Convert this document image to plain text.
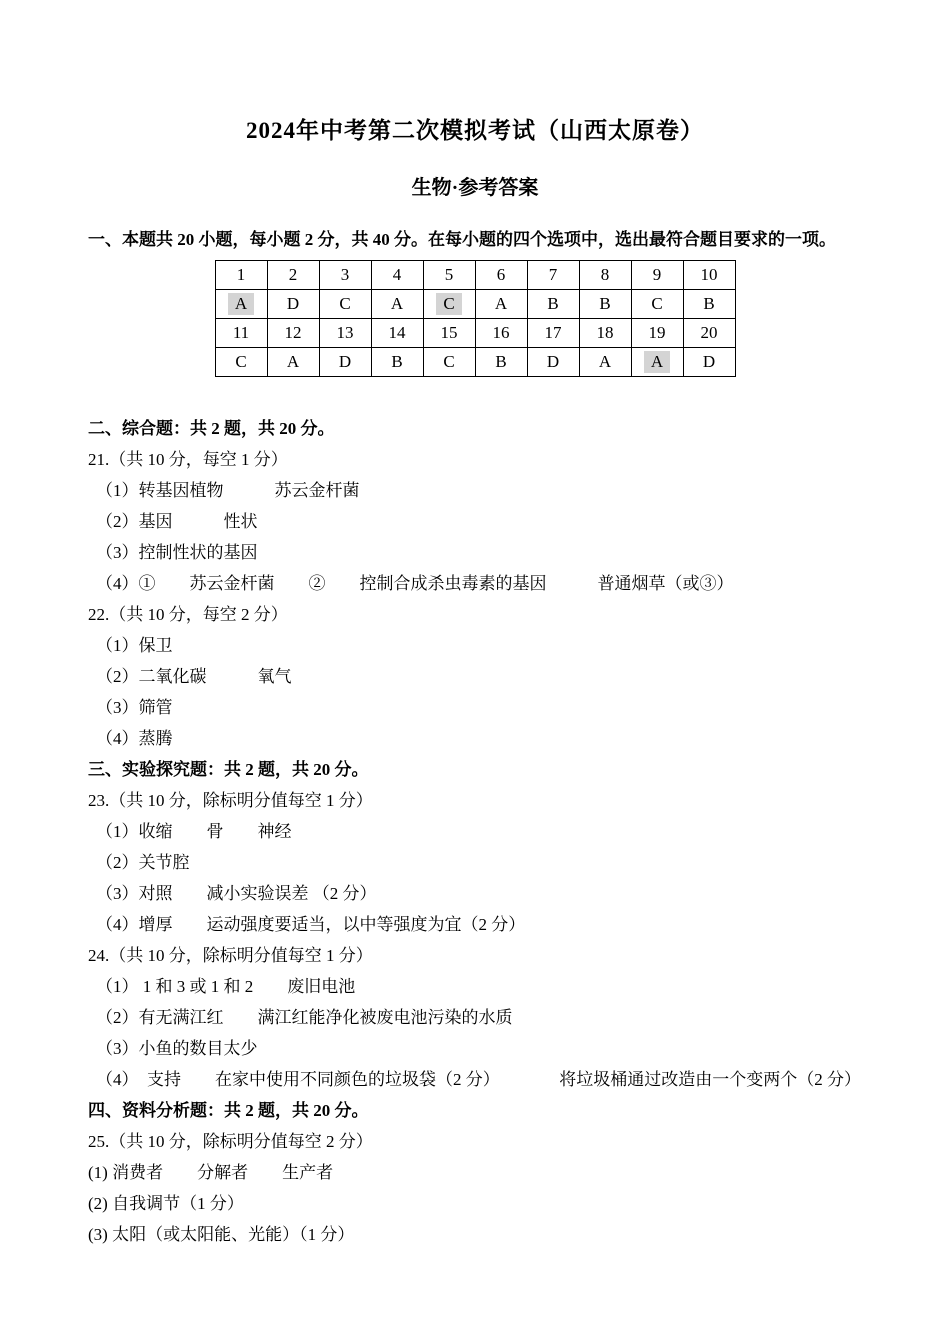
2024年中考第二次模拟考试（山西太原卷）
生物·参考答案

一、本题共 20 小题，每小题 2 分，共 40 分。在每小题的四个选项中，选出最符合题目要求的一项。

1	2	3	4	5	6	7	8	9	10
A	D	C	A	C	A	B	B	C	B
11	12	13	14	15	16	17	18	19	20
C	A	D	B	C	B	D	A	A	D
二、综合题：共 2 题，共 20 分。
21.（共 10 分，每空 1 分）
（1）转基因植物　　　苏云金杆菌
（2）基因　　　性状
（3）控制性状的基因
（4）①　　苏云金杆菌　　②　　控制合成杀虫毒素的基因　　　普通烟草（或③）
22.（共 10 分，每空 2 分）
（1）保卫
（2）二氧化碳　　　氧气
（3）筛管
（4）蒸腾
三、实验探究题：共 2 题，共 20 分。
23.（共 10 分，除标明分值每空 1 分）
（1）收缩　　骨　　神经
（2）关节腔
（3）对照　　减小实验误差 （2 分）
（4）增厚　　运动强度要适当，以中等强度为宜（2 分）
24.（共 10 分，除标明分值每空 1 分）
（1） 1 和 3 或 1 和 2　　废旧电池
（2）有无满江红　　满江红能净化被废电池污染的水质
（3）小鱼的数目太少
（4）　支持　　在家中使用不同颜色的垃圾袋（2 分）　　　　将垃圾桶通过改造由一个变两个（2 分）
四、资料分析题：共 2 题，共 20 分。
25.（共 10 分，除标明分值每空 2 分）
(1) 消费者　　分解者　　生产者
(2) 自我调节（1 分）
(3) 太阳（或太阳能、光能）（1 分）
